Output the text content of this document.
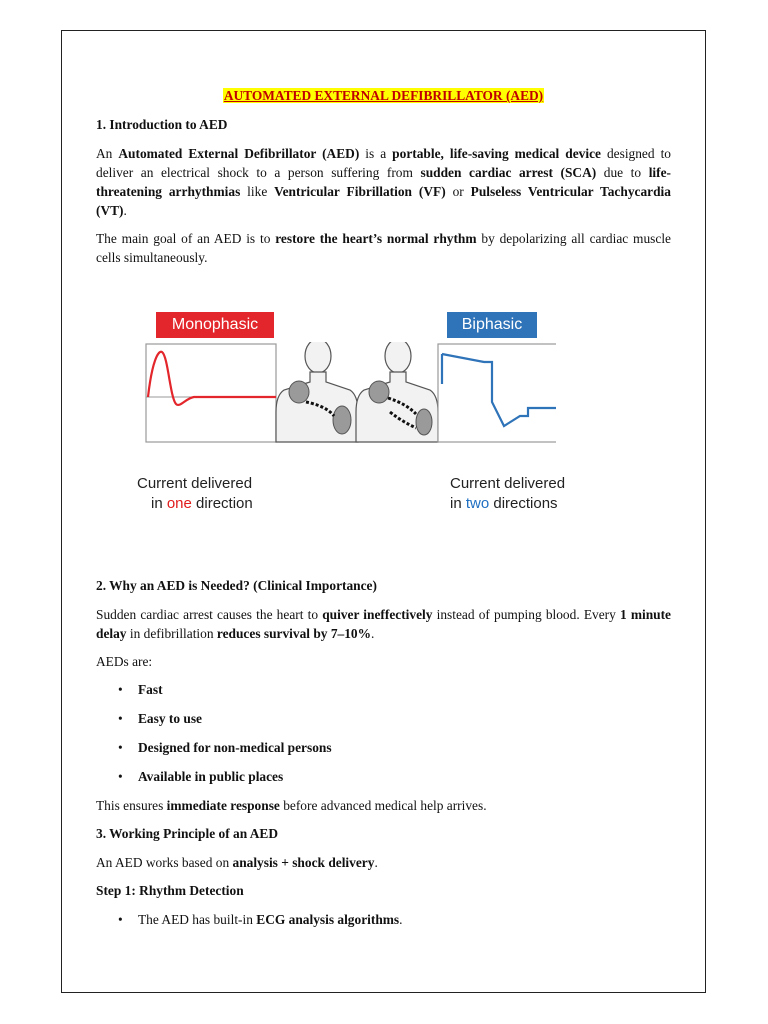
AUTOMATED EXTERNAL DEFIBRILLATOR (AED)
1. Introduction to AED

An Automated External Defibrillator (AED) is a portable, life-saving medical device designed to deliver an electrical shock to a person suffering from sudden cardiac arrest (SCA) due to life-threatening arrhythmias like Ventricular Fibrillation (VF) or Pulseless Ventricular Tachycardia (VT).

The main goal of an AED is to restore the heart’s normal rhythm by depolarizing all cardiac muscle cells simultaneously.

Monophasic	Biphasic
Current delivered
in one direction
Current delivered
in two directions
2. Why an AED is Needed? (Clinical Importance)

Sudden cardiac arrest causes the heart to quiver ineffectively instead of pumping blood. Every 1 minute delay in defibrillation reduces survival by 7–10%.

AEDs are:

• Fast
• Easy to use
• Designed for non-medical persons
• Available in public places

This ensures immediate response before advanced medical help arrives.

3. Working Principle of an AED

An AED works based on analysis + shock delivery.

Step 1: Rhythm Detection
• The AED has built-in ECG analysis algorithms.
